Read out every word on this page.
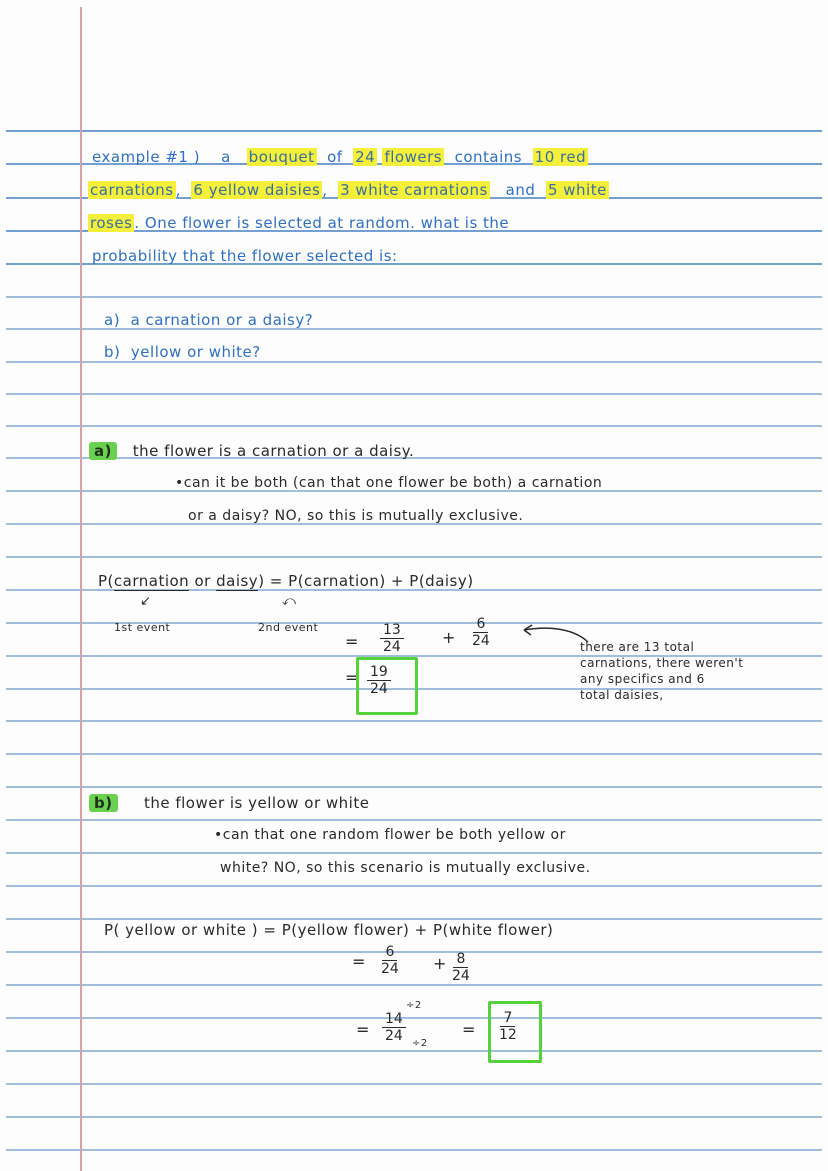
example #1 ) a bouquet of 24 flowers contains 10 red
carnations , 6 yellow daisies , 3 white carnations and 5 white
roses . One flower is selected at random. what is the
probability that the flower selected is:
a) a carnation or a daisy?
b) yellow or white?
a) the flower is a carnation or a daisy.
•can it be both (can that one flower be both) a carnation
or a daisy? NO, so this is mutually exclusive.
P(carnation or daisy) = P(carnation) + P(daisy)
↙	⤺
1st event	2nd event
= $\frac{13}{24} + \frac{6}{24}$	there are 13 total
carnations, there weren't
any specifics and 6
total daisies,
= $\frac{19}{24}$
b) the flower is yellow or white
•can that one random flower be both yellow or
white? NO, so this scenario is mutually exclusive.
P( yellow or white ) = P(yellow flower) + P(white flower)
= $\frac{6}{24} + \frac{8}{24}$
= $\frac{14}{24}$
÷2
÷2
= $\frac{7}{12}$
